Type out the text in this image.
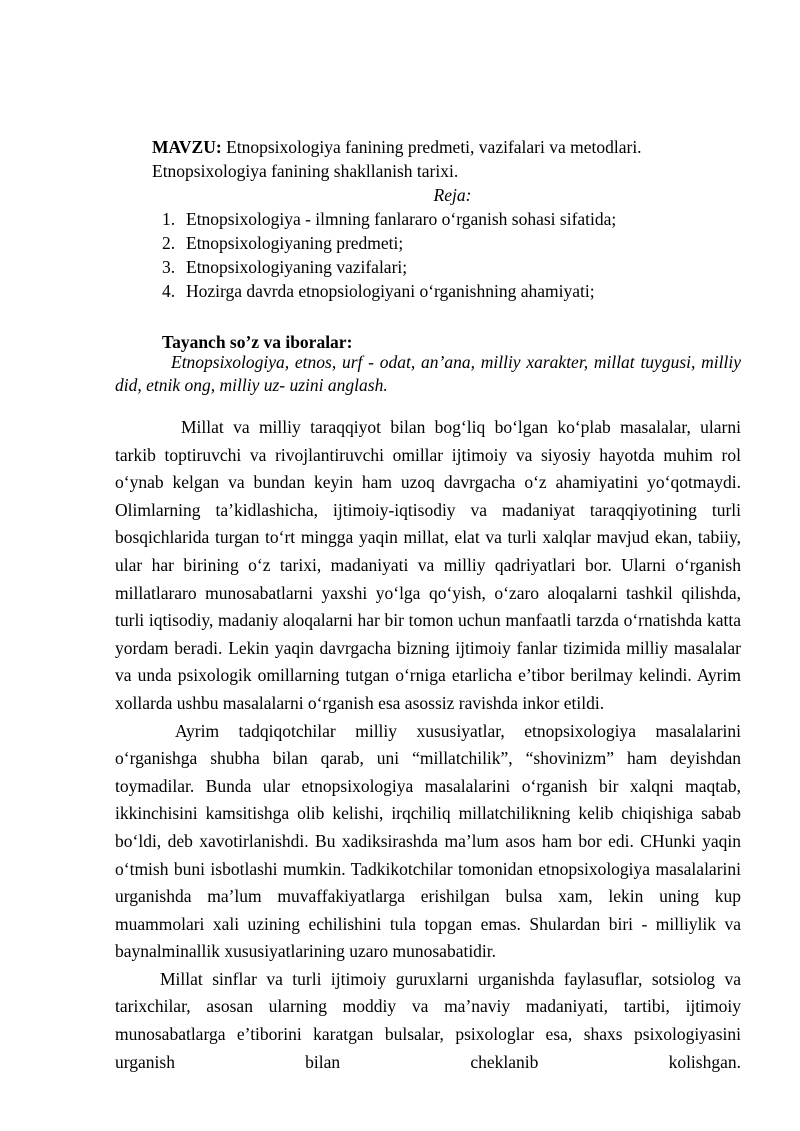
MAVZU: Etnopsixologiya fanining predmeti, vazifalari va metodlari.
Etnopsixologiya fanining shakllanish tarixi.
Reja:
1. Etnopsixologiya - ilmning fanlararo oʻrganish sohasi sifatida;
2. Etnopsixologiyaning predmeti;
3. Etnopsixologiyaning vazifalari;
4. Hozirga davrda etnopsiologiyani oʻrganishning ahamiyati;
Tayanch so’z va iboralar:
Etnopsixologiya, etnos, urf - odat, an’ana, milliy xarakter, millat tuygusi, milliy did, etnik ong, milliy uz- uzini anglash.

Millat va milliy taraqqiyot bilan bogʻliq boʻlgan koʻplab masalalar, ularni tarkib toptiruvchi va rivojlantiruvchi omillar ijtimoiy va siyosiy hayotda muhim rol oʻynab kelgan va bundan keyin ham uzoq davrgacha oʻz ahamiyatini yoʻqotmaydi. Olimlarning ta’kidlashicha, ijtimoiy-iqtisodiy va madaniyat taraqqiyotining turli bosqichlarida turgan toʻrt mingga yaqin millat, elat va turli xalqlar mavjud ekan, tabiiy, ular har birining oʻz tarixi, madaniyati va milliy qadriyatlari bor. Ularni oʻrganish millatlararo munosabatlarni yaxshi yoʻlga qoʻyish, oʻzaro aloqalarni tashkil qilishda, turli iqtisodiy, madaniy aloqalarni har bir tomon uchun manfaatli tarzda oʻrnatishda katta yordam beradi. Lekin yaqin davrgacha bizning ijtimoiy fanlar tizimida milliy masalalar va unda psixologik omillarning tutgan oʻrniga etarlicha e’tibor berilmay kelindi. Ayrim xollarda ushbu masalalarni oʻrganish esa asossiz ravishda inkor etildi.

Ayrim tadqiqotchilar milliy xususiyatlar, etnopsixologiya masalalarini oʻrganishga shubha bilan qarab, uni “millatchilik”, “shovinizm” ham deyishdan toymadilar. Bunda ular etnopsixologiya masalalarini oʻrganish bir xalqni maqtab, ikkinchisini kamsitishga olib kelishi, irqchiliq millatchilikning kelib chiqishiga sabab boʻldi, deb xavotirlanishdi. Bu xadiksirashda ma’lum asos ham bor edi. CHunki yaqin oʻtmish buni isbotlashi mumkin. Tadkikotchilar tomonidan etnopsixologiya masalalarini urganishda ma’lum muvaffakiyatlarga erishilgan bulsa xam, lekin uning kup muammolari xali uzining echilishini tula topgan emas. Shulardan biri - milliylik va baynalminallik xususiyatlarining uzaro munosabatidir.

Millat sinflar va turli ijtimoiy guruxlarni urganishda faylasuflar, sotsiolog va tarixchilar, asosan ularning moddiy va ma’naviy madaniyati, tartibi, ijtimoiy munosabatlarga e’tiborini karatgan bulsalar, psixologlar esa, shaxs psixologiyasini urganish bilan cheklanib kolishgan.
